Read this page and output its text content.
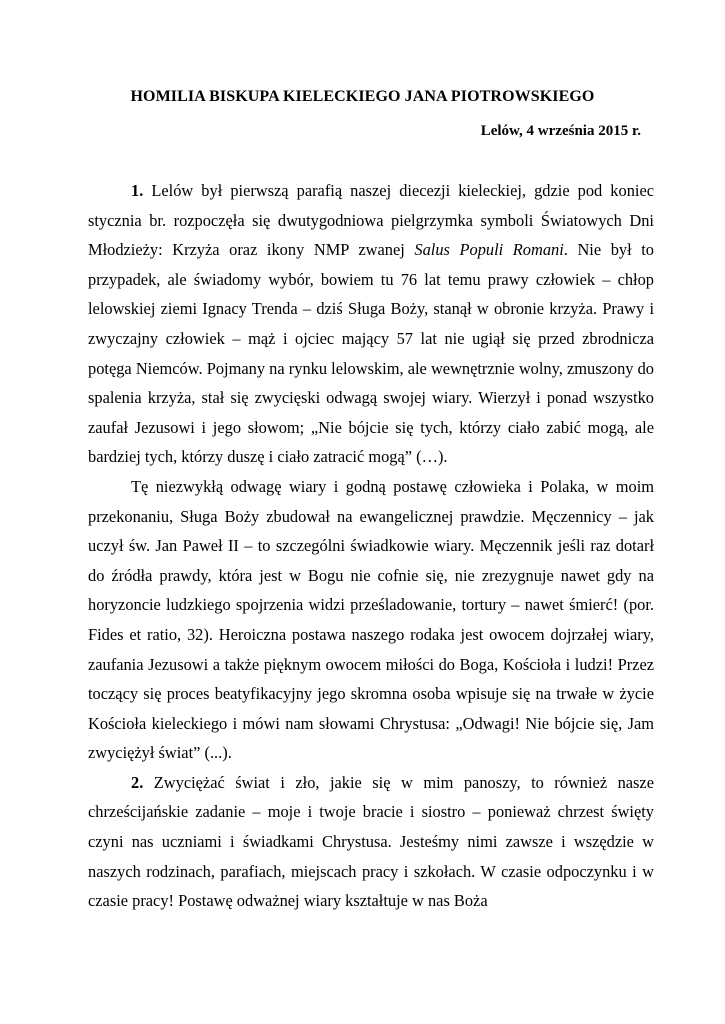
HOMILIA BISKUPA KIELECKIEGO JANA PIOTROWSKIEGO
Lelów, 4 września 2015 r.

1. Lelów był pierwszą parafią naszej diecezji kieleckiej, gdzie pod koniec stycznia br. rozpoczęła się dwutygodniowa pielgrzymka symboli Światowych Dni Młodzieży: Krzyża oraz ikony NMP zwanej Salus Populi Romani. Nie był to przypadek, ale świadomy wybór, bowiem tu 76 lat temu prawy człowiek – chłop lelowskiej ziemi Ignacy Trenda – dziś Sługa Boży, stanął w obronie krzyża. Prawy i zwyczajny człowiek – mąż i ojciec mający 57 lat nie ugiął się przed zbrodnicza potęga Niemców. Pojmany na rynku lelowskim, ale wewnętrznie wolny, zmuszony do spalenia krzyża, stał się zwycięski odwagą swojej wiary. Wierzył i ponad wszystko zaufał Jezusowi i jego słowom; „Nie bójcie się tych, którzy ciało zabić mogą, ale bardziej tych, którzy duszę i ciało zatracić mogą” (…).

Tę niezwykłą odwagę wiary i godną postawę człowieka i Polaka, w moim przekonaniu, Sługa Boży zbudował na ewangelicznej prawdzie. Męczennicy – jak uczył św. Jan Paweł II – to szczególni świadkowie wiary. Męczennik jeśli raz dotarł do źródła prawdy, która jest w Bogu nie cofnie się, nie zrezygnuje nawet gdy na horyzoncie ludzkiego spojrzenia widzi prześladowanie, tortury – nawet śmierć! (por. Fides et ratio, 32). Heroiczna postawa naszego rodaka jest owocem dojrzałej wiary, zaufania Jezusowi a także pięknym owocem miłości do Boga, Kościoła i ludzi! Przez toczący się proces beatyfikacyjny jego skromna osoba wpisuje się na trwałe w życie Kościoła kieleckiego i mówi nam słowami Chrystusa: „Odwagi! Nie bójcie się, Jam zwyciężył świat” (...).

2. Zwyciężać świat i zło, jakie się w mim panoszy, to również nasze chrześcijańskie zadanie – moje i twoje bracie i siostro – ponieważ chrzest święty czyni nas uczniami i świadkami Chrystusa. Jesteśmy nimi zawsze i wszędzie w naszych rodzinach, parafiach, miejscach pracy i szkołach. W czasie odpoczynku i w czasie pracy! Postawę odważnej wiary kształtuje w nas Boża
